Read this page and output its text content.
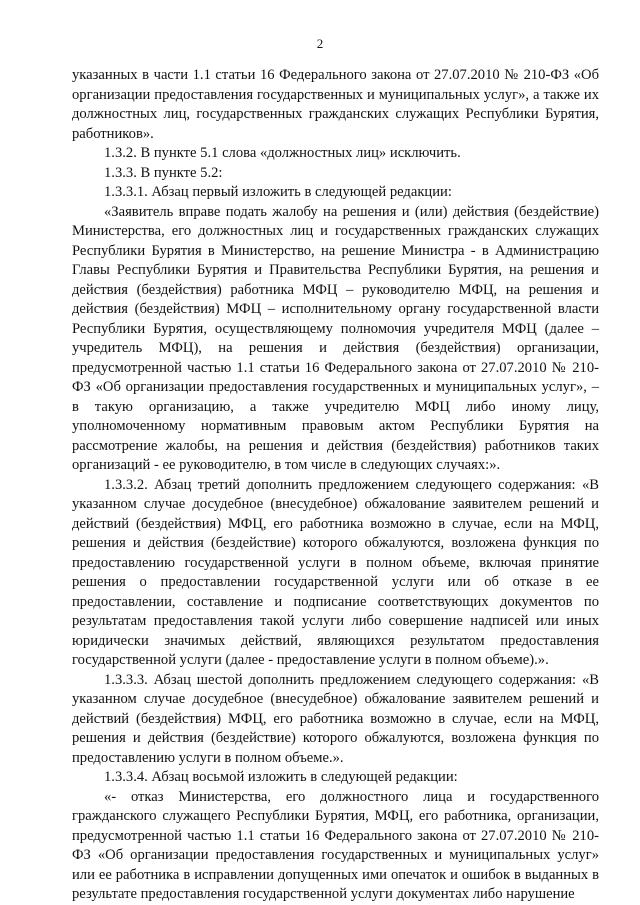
2

указанных в части 1.1 статьи 16 Федерального закона от 27.07.2010 № 210-ФЗ «Об организации предоставления государственных и муниципальных услуг», а также их должностных лиц, государственных гражданских служащих Республики Бурятия, работников».

1.3.2. В пункте 5.1 слова «должностных лиц» исключить.

1.3.3. В пункте 5.2:

1.3.3.1. Абзац первый изложить в следующей редакции:

«Заявитель вправе подать жалобу на решения и (или) действия (бездействие) Министерства, его должностных лиц и государственных гражданских служащих Республики Бурятия в Министерство, на решение Министра - в Администрацию Главы Республики Бурятия и Правительства Республики Бурятия, на решения и действия (бездействия) работника МФЦ – руководителю МФЦ, на решения и действия (бездействия) МФЦ – исполнительному органу государственной власти Республики Бурятия, осуществляющему полномочия учредителя МФЦ (далее – учредитель МФЦ), на решения и действия (бездействия) организации, предусмотренной частью 1.1 статьи 16 Федерального закона от 27.07.2010 № 210-ФЗ «Об организации предоставления государственных и муниципальных услуг», – в такую организацию, а также учредителю МФЦ либо иному лицу, уполномоченному нормативным правовым актом Республики Бурятия на рассмотрение жалобы, на решения и действия (бездействия) работников таких организаций - ее руководителю, в том числе в следующих случаях:».

1.3.3.2. Абзац третий дополнить предложением следующего содержания: «В указанном случае досудебное (внесудебное) обжалование заявителем решений и действий (бездействия) МФЦ, его работника возможно в случае, если на МФЦ, решения и действия (бездействие) которого обжалуются, возложена функция по предоставлению государственной услуги в полном объеме, включая принятие решения о предоставлении государственной услуги или об отказе в ее предоставлении, составление и подписание соответствующих документов по результатам предоставления такой услуги либо совершение надписей или иных юридически значимых действий, являющихся результатом предоставления государственной услуги (далее - предоставление услуги в полном объеме).».

1.3.3.3. Абзац шестой дополнить предложением следующего содержания: «В указанном случае досудебное (внесудебное) обжалование заявителем решений и действий (бездействия) МФЦ, его работника возможно в случае, если на МФЦ, решения и действия (бездействие) которого обжалуются, возложена функция по предоставлению услуги в полном объеме.».

1.3.3.4. Абзац восьмой изложить в следующей редакции:

«- отказ Министерства, его должностного лица и государственного гражданского служащего Республики Бурятия, МФЦ, его работника, организации, предусмотренной частью 1.1 статьи 16 Федерального закона от 27.07.2010 № 210-ФЗ «Об организации предоставления государственных и муниципальных услуг» или ее работника в исправлении допущенных ими опечаток и ошибок в выданных в результате предоставления государственной услуги документах либо нарушение
